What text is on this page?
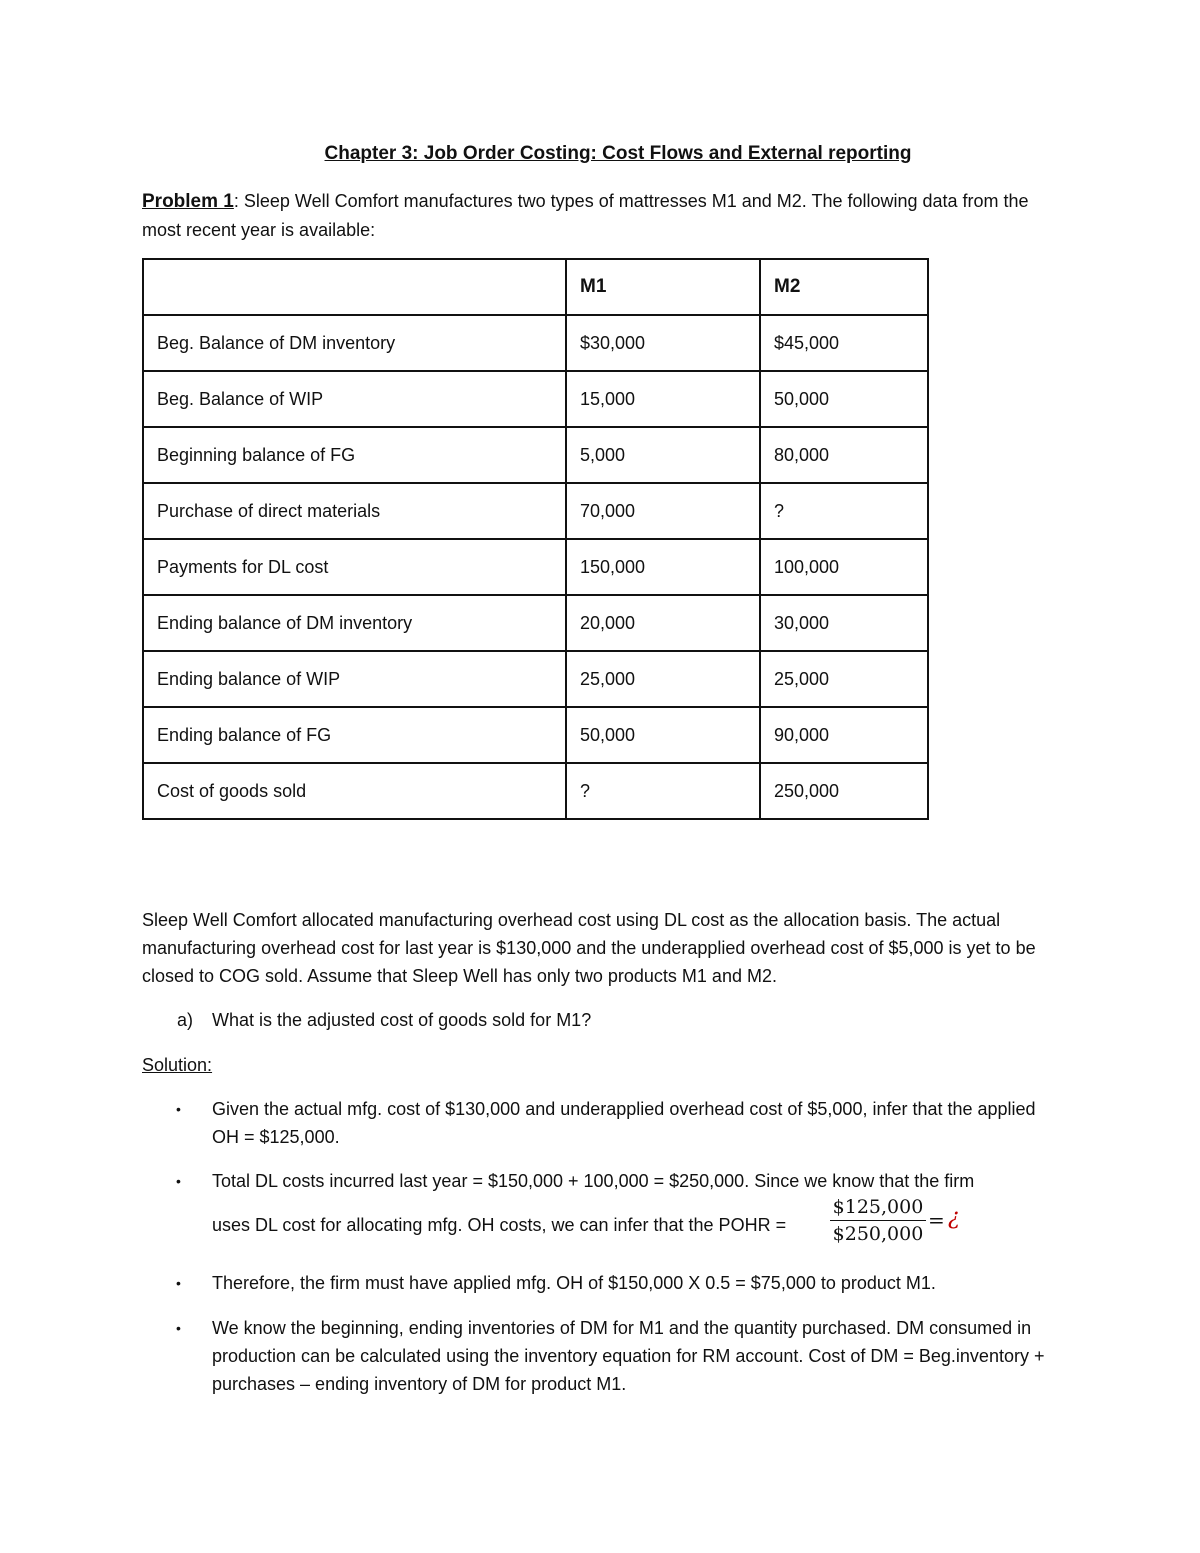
Chapter 3: Job Order Costing: Cost Flows and External reporting
Problem 1: Sleep Well Comfort manufactures two types of mattresses M1 and M2. The following data from the most recent year is available:
	M1	M2
Beg. Balance of DM inventory	$30,000	$45,000
Beg. Balance of WIP	15,000	50,000
Beginning balance of FG	5,000	80,000
Purchase of direct materials	70,000	?
Payments for DL cost	150,000	100,000
Ending balance of DM inventory	20,000	30,000
Ending balance of WIP	25,000	25,000
Ending balance of FG	50,000	90,000
Cost of goods sold	?	250,000
Sleep Well Comfort allocated manufacturing overhead cost using DL cost as the allocation basis. The actual manufacturing overhead cost for last year is $130,000 and the underapplied overhead cost of $5,000 is yet to be closed to COG sold. Assume that Sleep Well has only two products M1 and M2.
a) What is the adjusted cost of goods sold for M1?
Solution:
• Given the actual mfg. cost of $130,000 and underapplied overhead cost of $5,000, infer that the applied OH = $125,000.
• Total DL costs incurred last year = $150,000 + 100,000 = $250,000. Since we know that the firm
uses DL cost for allocating mfg. OH costs, we can infer that the POHR =	$\frac{\$125,000}{\$250,000}$ = ¿
• Therefore, the firm must have applied mfg. OH of $150,000 X 0.5 = $75,000 to product M1.
• We know the beginning, ending inventories of DM for M1 and the quantity purchased. DM consumed in production can be calculated using the inventory equation for RM account. Cost of DM = Beg.inventory + purchases – ending inventory of DM for product M1.
